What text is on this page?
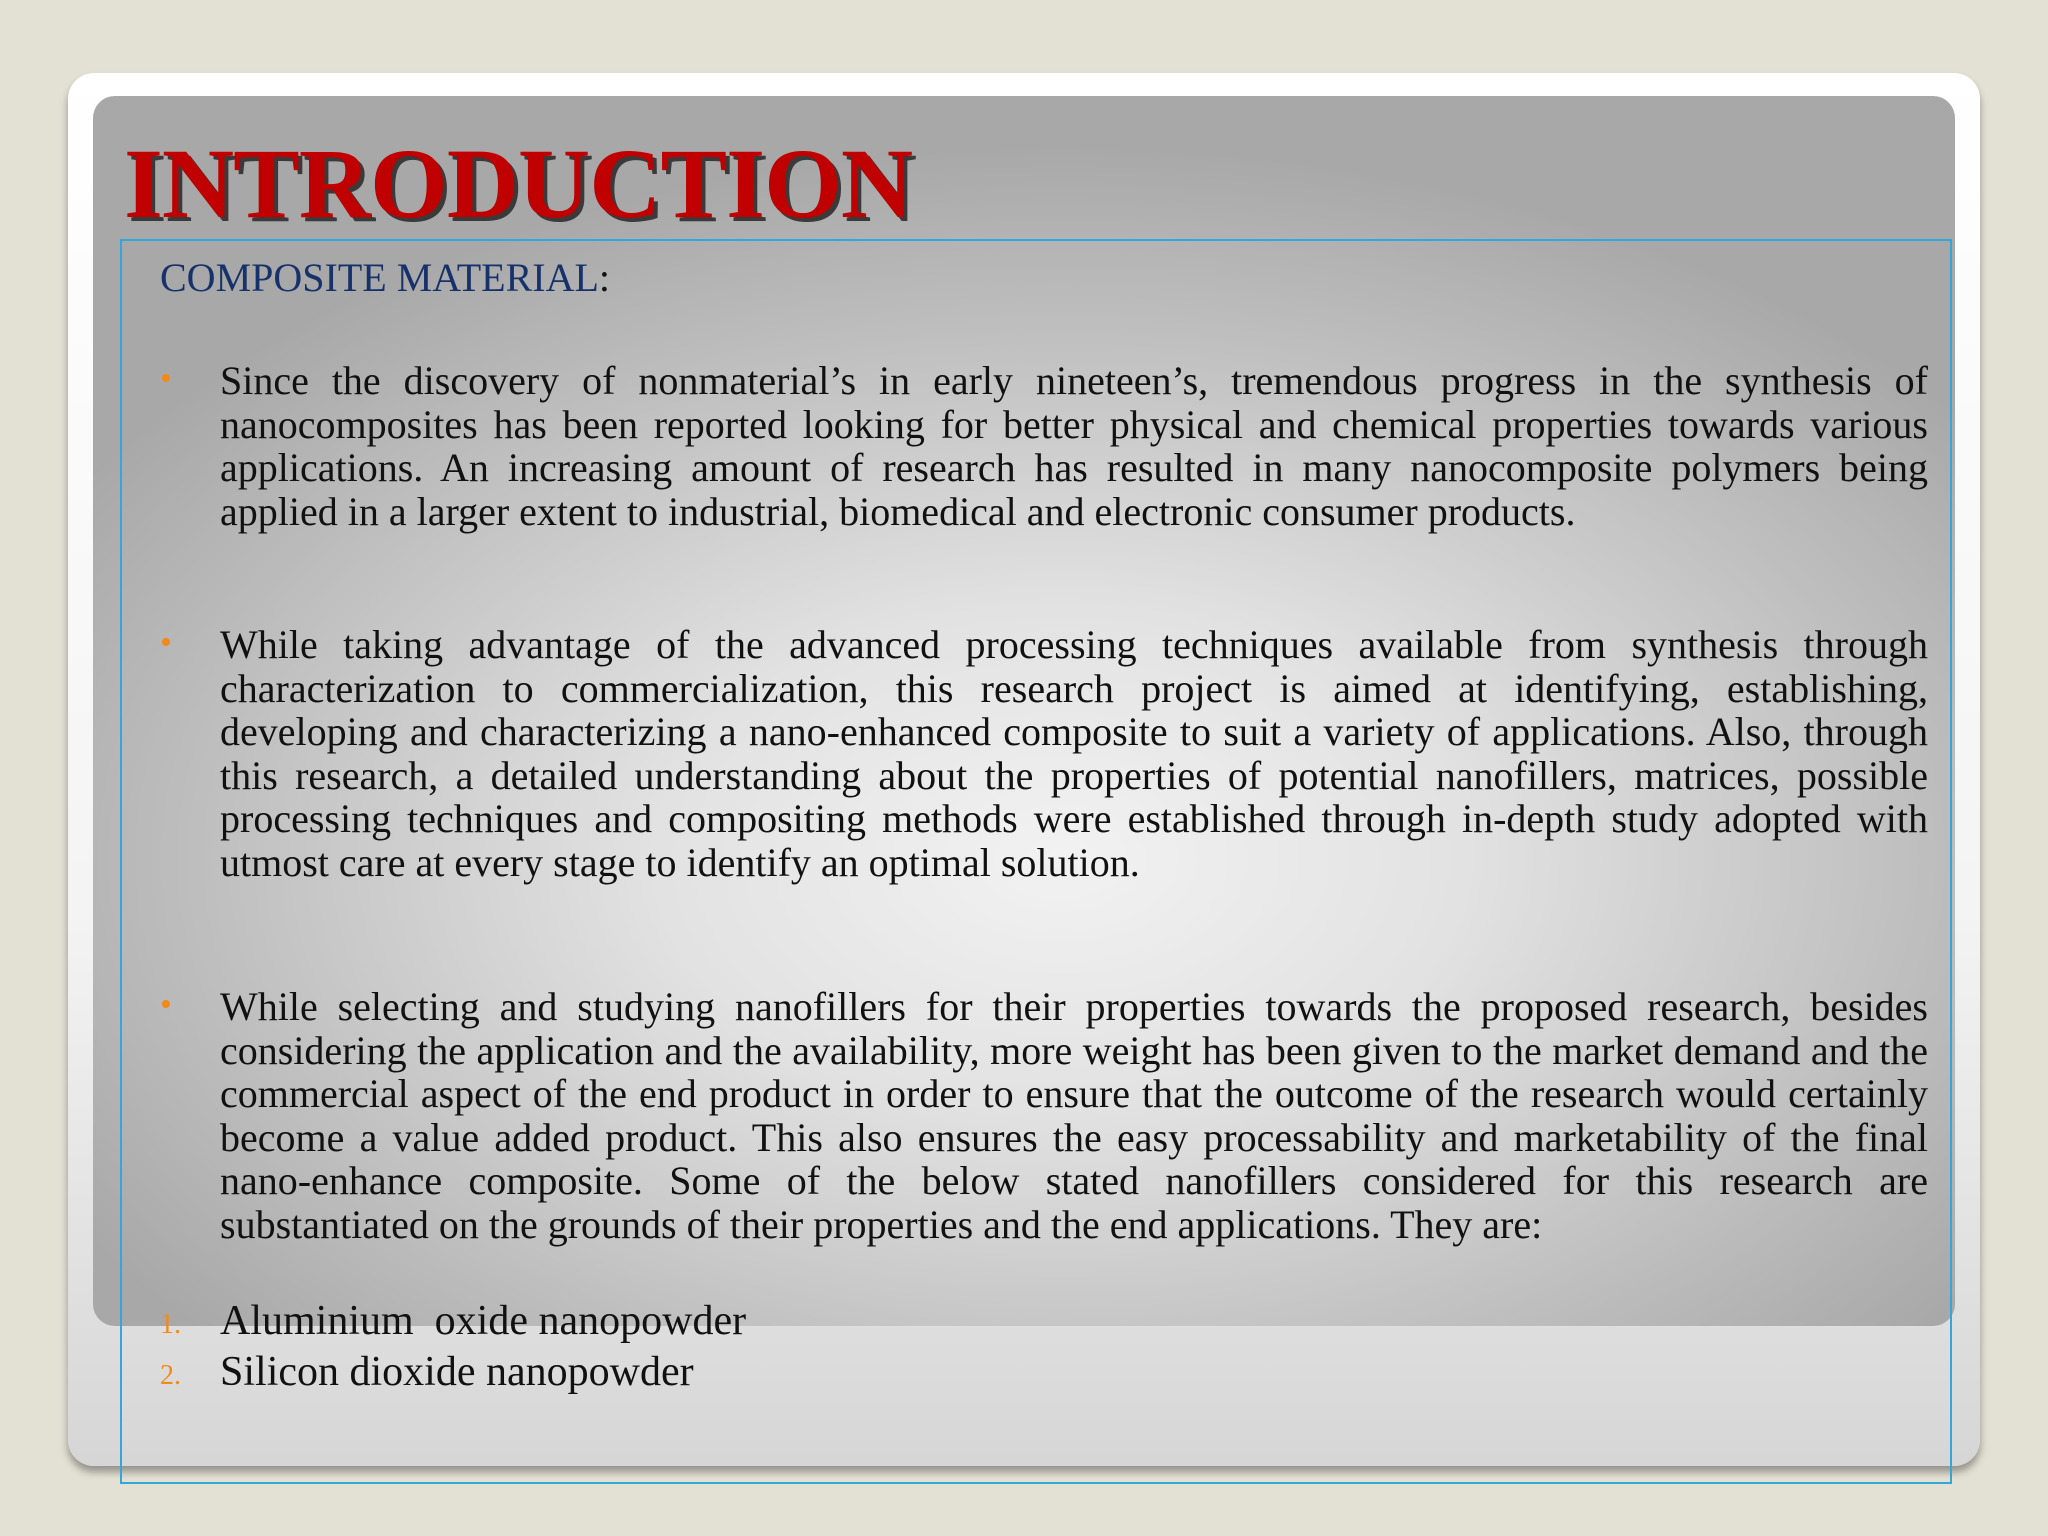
INTRODUCTION

COMPOSITE MATERIAL:

• Since the discovery of nonmaterial’s in early nineteen’s, tremendous progress in the synthesis of nanocomposites has been reported looking for better physical and chemical properties towards various applications. An increasing amount of research has resulted in many nanocomposite polymers being applied in a larger extent to industrial, biomedical and electronic consumer products.

• While taking advantage of the advanced processing techniques available from synthesis through characterization to commercialization, this research project is aimed at identifying, establishing, developing and characterizing a nano-enhanced composite to suit a variety of applications. Also, through this research, a detailed understanding about the properties of potential nanofillers, matrices, possible processing techniques and compositing methods were established through in-depth study adopted with utmost care at every stage to identify an optimal solution.

• While selecting and studying nanofillers for their properties towards the proposed research, besides considering the application and the availability, more weight has been given to the market demand and the commercial aspect of the end product in order to ensure that the outcome of the research would certainly become a value added product. This also ensures the easy processability and marketability of the final nano-enhance composite. Some of the below stated nanofillers considered for this research are substantiated on the grounds of their properties and the end applications. They are:

1. Aluminium  oxide nanopowder
2. Silicon dioxide nanopowder
